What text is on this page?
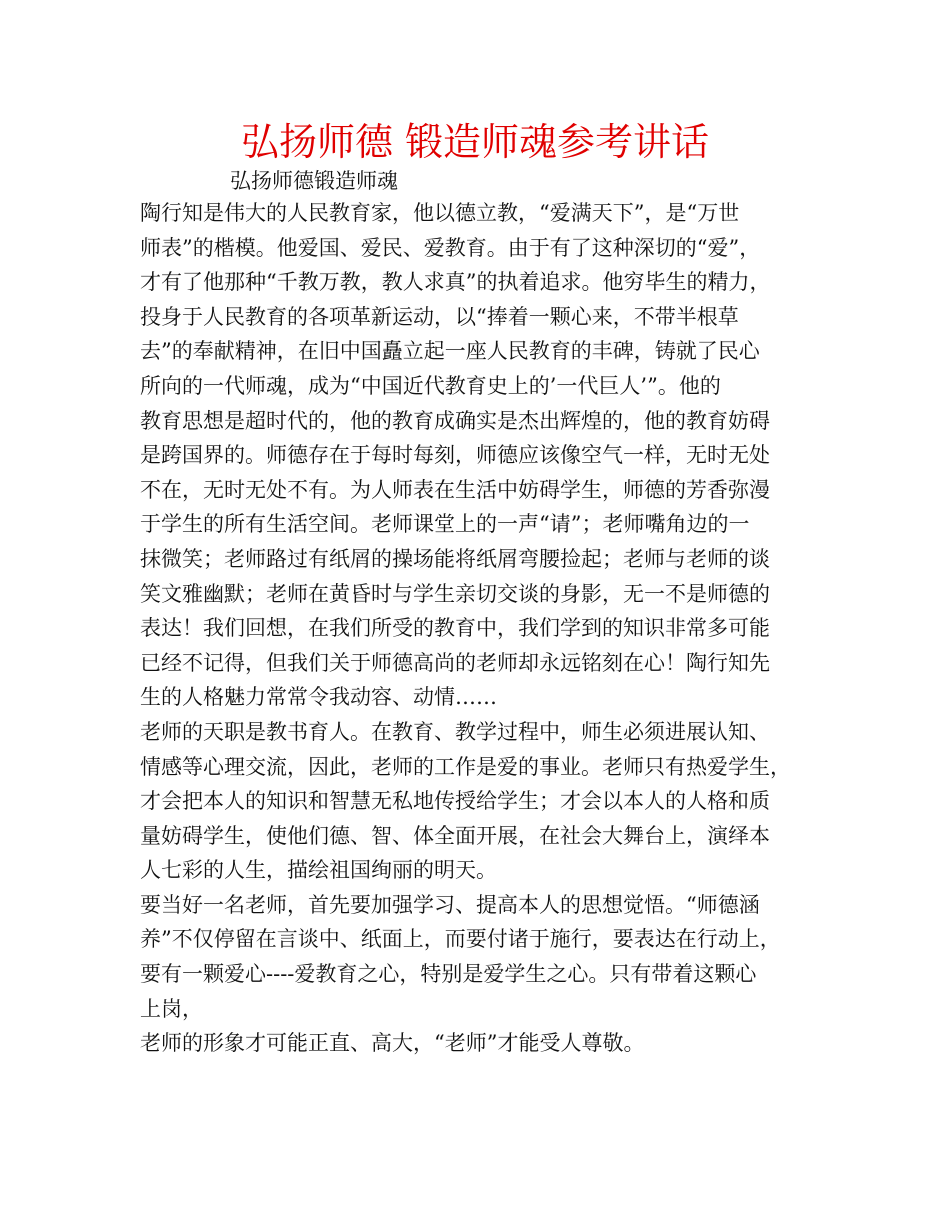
弘扬师德 锻造师魂参考讲话
弘扬师德锻造师魂
陶行知是伟大的人民教育家，他以德立教，“爱满天下”，是“万世
师表”的楷模。他爱国、爱民、爱教育。由于有了这种深切的“爱”，
才有了他那种“千教万教，教人求真”的执着追求。他穷毕生的精力，
投身于人民教育的各项革新运动，以“捧着一颗心来，不带半根草
去”的奉献精神，在旧中国矗立起一座人民教育的丰碑，铸就了民心
所向的一代师魂，成为“中国近代教育史上的’一代巨人’”。他的
教育思想是超时代的，他的教育成确实是杰出辉煌的，他的教育妨碍
是跨国界的。师德存在于每时每刻，师德应该像空气一样，无时无处
不在，无时无处不有。为人师表在生活中妨碍学生，师德的芳香弥漫
于学生的所有生活空间。老师课堂上的一声“请”；老师嘴角边的一
抹微笑；老师路过有纸屑的操场能将纸屑弯腰捡起；老师与老师的谈
笑文雅幽默；老师在黄昏时与学生亲切交谈的身影，无一不是师德的
表达！我们回想，在我们所受的教育中，我们学到的知识非常多可能
已经不记得，但我们关于师德高尚的老师却永远铭刻在心！陶行知先
生的人格魅力常常令我动容、动情……
老师的天职是教书育人。在教育、教学过程中，师生必须进展认知、
情感等心理交流，因此，老师的工作是爱的事业。老师只有热爱学生，
才会把本人的知识和智慧无私地传授给学生；才会以本人的人格和质
量妨碍学生，使他们德、智、体全面开展，在社会大舞台上，演绎本
人七彩的人生，描绘祖国绚丽的明天。
要当好一名老师，首先要加强学习、提高本人的思想觉悟。“师德涵
养”不仅停留在言谈中、纸面上，而要付诸于施行，要表达在行动上，
要有一颗爱心----爱教育之心，特别是爱学生之心。只有带着这颗心
上岗，
老师的形象才可能正直、高大，“老师”才能受人尊敬。
